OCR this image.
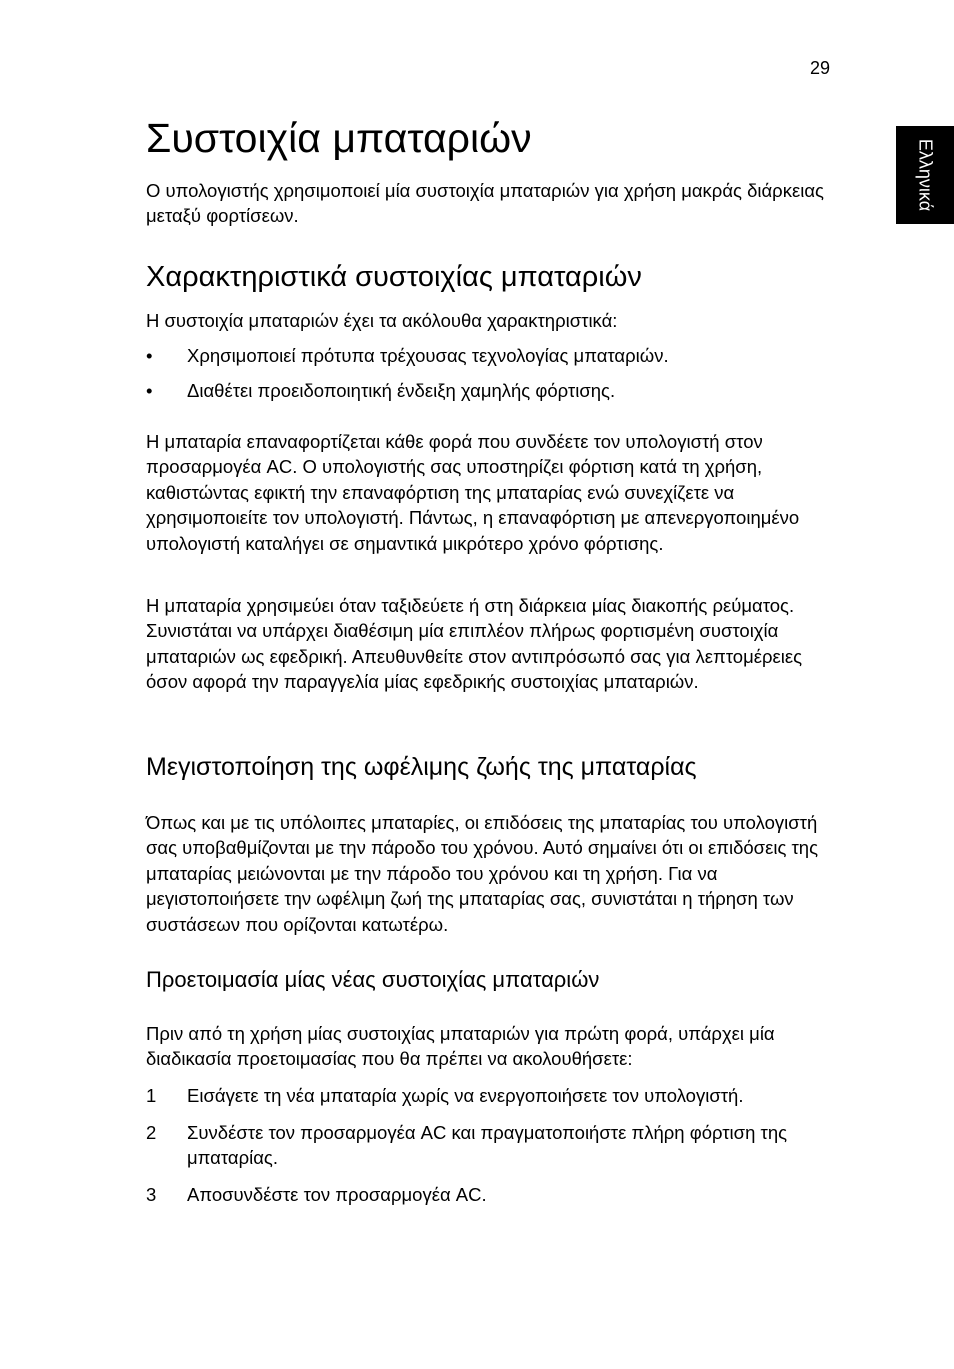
29
Ελληνικά
Συστοιχία μπαταριών

Ο υπολογιστής χρησιμοποιεί μία συστοιχία μπαταριών για χρήση μακράς διάρκειας μεταξύ φορτίσεων.

Χαρακτηριστικά συστοιχίας μπαταριών

Η συστοιχία μπαταριών έχει τα ακόλουθα χαρακτηριστικά:

•	Χρησιμοποιεί πρότυπα τρέχουσας τεχνολογίας μπαταριών.
•	Διαθέτει προειδοποιητική ένδειξη χαμηλής φόρτισης.

Η μπαταρία επαναφορτίζεται κάθε φορά που συνδέετε τον υπολογιστή στον προσαρμογέα AC. Ο υπολογιστής σας υποστηρίζει φόρτιση κατά τη χρήση, καθιστώντας εφικτή την επαναφόρτιση της μπαταρίας ενώ συνεχίζετε να χρησιμοποιείτε τον υπολογιστή. Πάντως, η επαναφόρτιση με απενεργοποιημένο υπολογιστή καταλήγει σε σημαντικά μικρότερο χρόνο φόρτισης.

Η μπαταρία χρησιμεύει όταν ταξιδεύετε ή στη διάρκεια μίας διακοπής ρεύματος. Συνιστάται να υπάρχει διαθέσιμη μία επιπλέον πλήρως φορτισμένη συστοιχία μπαταριών ως εφεδρική. Απευθυνθείτε στον αντιπρόσωπό σας για λεπτομέρειες όσον αφορά την παραγγελία μίας εφεδρικής συστοιχίας μπαταριών.

Μεγιστοποίηση της ωφέλιμης ζωής της μπαταρίας

Όπως και με τις υπόλοιπες μπαταρίες, οι επιδόσεις της μπαταρίας του υπολογιστή σας υποβαθμίζονται με την πάροδο του χρόνου. Αυτό σημαίνει ότι οι επιδόσεις της μπαταρίας μειώνονται με την πάροδο του χρόνου και τη χρήση. Για να μεγιστοποιήσετε την ωφέλιμη ζωή της μπαταρίας σας, συνιστάται η τήρηση των συστάσεων που ορίζονται κατωτέρω.

Προετοιμασία μίας νέας συστοιχίας μπαταριών

Πριν από τη χρήση μίας συστοιχίας μπαταριών για πρώτη φορά, υπάρχει μία διαδικασία προετοιμασίας που θα πρέπει να ακολουθήσετε:

1	Εισάγετε τη νέα μπαταρία χωρίς να ενεργοποιήσετε τον υπολογιστή.
2	Συνδέστε τον προσαρμογέα AC και πραγματοποιήστε πλήρη φόρτιση της μπαταρίας.
3	Αποσυνδέστε τον προσαρμογέα AC.
